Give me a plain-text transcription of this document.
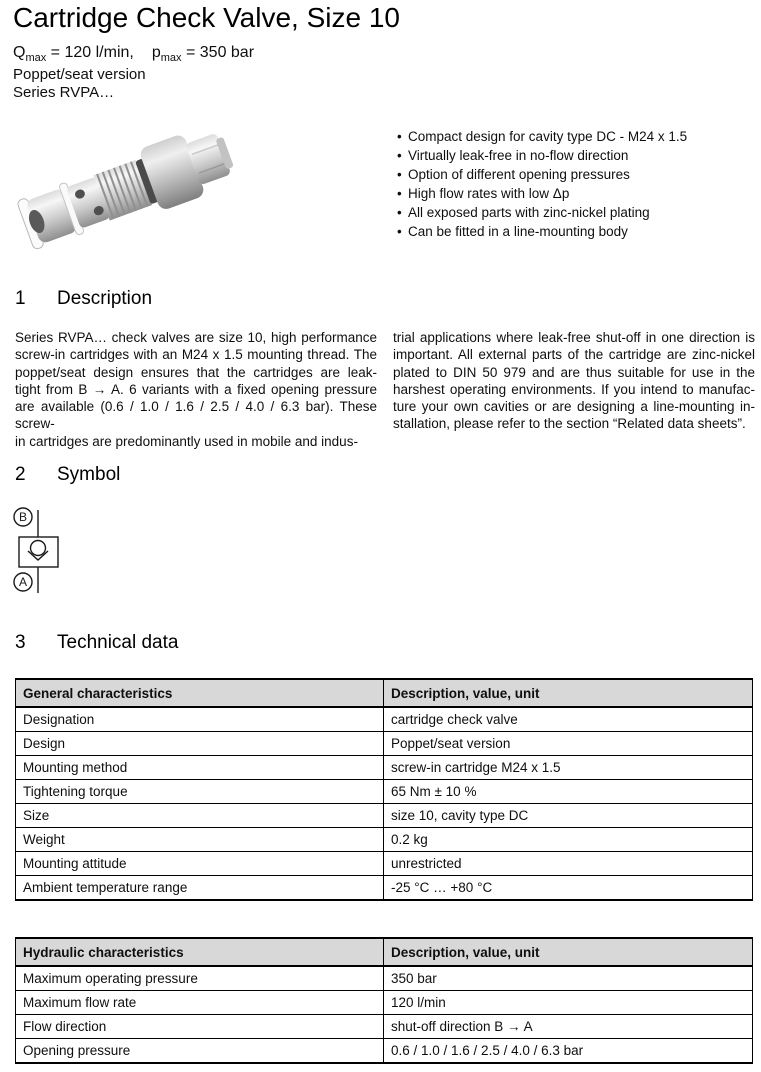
Cartridge Check Valve, Size 10
$Q_{max} = 120$ l/min, $p_{max} = 350$ bar
Poppet/seat version
Series RVPA…
• Compact design for cavity type DC - M24 x 1.5
• Virtually leak-free in no-flow direction
• Option of different opening pressures
• High flow rates with low Δp
• All exposed parts with zinc-nickel plating
• Can be fitted in a line-mounting body
1 Description
Series RVPA… check valves are size 10, high performance
screw-in cartridges with an M24 x 1.5 mounting thread. The
poppet/seat design ensures that the cartridges are leak-
tight from B → A. 6 variants with a fixed opening pressure
are available (0.6 / 1.0 / 1.6 / 2.5 / 4.0 / 6.3 bar). These screw-
in cartridges are predominantly used in mobile and indus-
trial applications where leak-free shut-off in one direction is
important. All external parts of the cartridge are zinc-nickel
plated to DIN 50 979 and are thus suitable for use in the
harshest operating environments. If you intend to manufac-
ture your own cavities or are designing a line-mounting in-
stallation, please refer to the section “Related data sheets”.
2 Symbol
B
A
3 Technical data
General characteristics	Description, value, unit
Designation	cartridge check valve
Design	Poppet/seat version
Mounting method	screw-in cartridge M24 x 1.5
Tightening torque	65 Nm ± 10 %
Size	size 10, cavity type DC
Weight	0.2 kg
Mounting attitude	unrestricted
Ambient temperature range	-25 °C … +80 °C
Hydraulic characteristics	Description, value, unit
Maximum operating pressure	350 bar
Maximum flow rate	120 l/min
Flow direction	shut-off direction B → A
Opening pressure	0.6 / 1.0 / 1.6 / 2.5 / 4.0 / 6.3 bar
